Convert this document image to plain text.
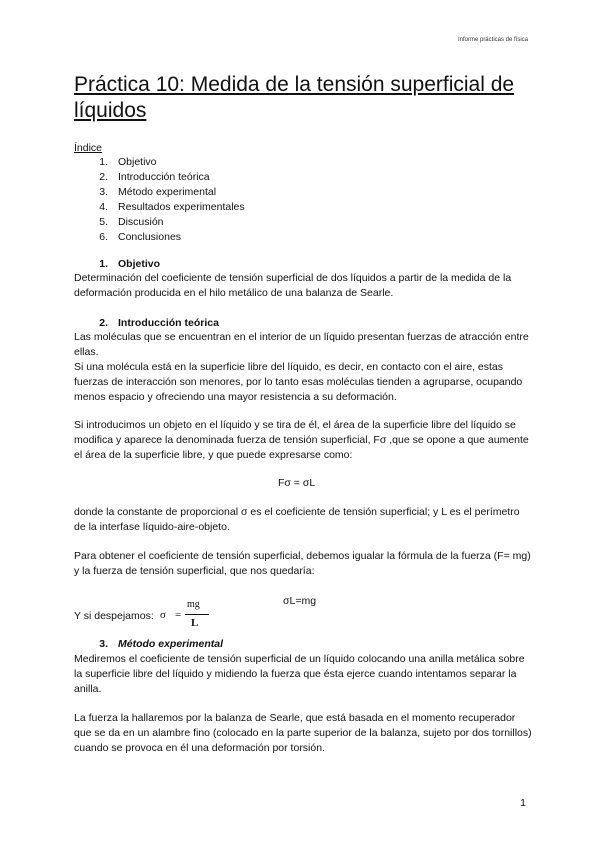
Informe prácticas de física
Práctica 10: Medida de la tensión superficial de líquidos
Índice
1. Objetivo
2. Introducción teórica
3. Método experimental
4. Resultados experimentales
5. Discusión
6. Conclusiones
1. Objetivo

Determinación del coeficiente de tensión superficial de dos líquidos a partir de la medida de la deformación producida en el hilo metálico de una balanza de Searle.

2. Introducción teórica

Las moléculas que se encuentran en el interior de un líquido presentan fuerzas de atracción entre ellas.

Si una molécula está en la superficie libre del líquido, es decir, en contacto con el aire, estas fuerzas de interacción son menores, por lo tanto esas moléculas tienden a agruparse, ocupando menos espacio y ofreciendo una mayor resistencia a su deformación.

Si introducimos un objeto en el líquido y se tira de él, el área de la superficie libre del líquido se modifica y aparece la denominada fuerza de tensión superficial, Fσ ,que se opone a que aumente el área de la superficie libre, y que puede expresarse como:

Fσ = σL

donde la constante de proporcional σ es el coeficiente de tensión superficial; y L es el perímetro de la interfase líquido-aire-objeto.

Para obtener el coeficiente de tensión superficial, debemos igualar la fórmula de la fuerza (F= mg) y la fuerza de tensión superficial, que nos quedaría:

σL=mg
Y si despejamos: σ =
mg
L
3. Método experimental

Mediremos el coeficiente de tensión superficial de un líquido colocando una anilla metálica sobre la superficie libre del líquido y midiendo la fuerza que ésta ejerce cuando intentamos separar la anilla.

La fuerza la hallaremos por la balanza de Searle, que está basada en el momento recuperador que se da en un alambre fino (colocado en la parte superior de la balanza, sujeto por dos tornillos) cuando se provoca en él una deformación por torsión.

1
